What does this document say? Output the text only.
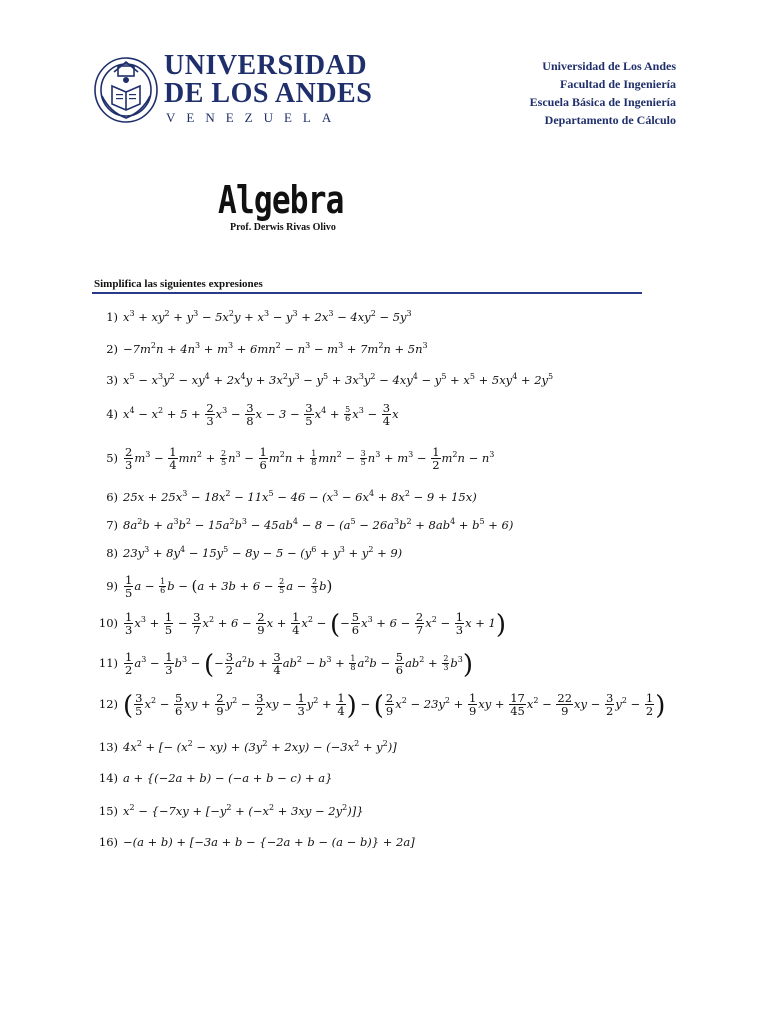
UNIVERSIDAD
DE LOS ANDES
VENEZUELA
Universidad de Los Andes
Facultad de Ingeniería
Escuela Básica de Ingeniería
Departamento de Cálculo
Algebra
Prof. Derwis Rivas Olivo
Simplifica las siguientes expresiones
1) $x^3 + xy^2 + y^3 - 5x^2y + x^3 - y^3 + 2x^3 - 4xy^2 - 5y^3$
$2) -7m^2n + 4n^3 + m^3 + 6mn^2 - n^3 - m^3 + 7m^2n + 5n^3$
3) $x^5 - x^3y^2 - xy^4 + 2x^4y + 3x^2y^3 - y^5 + 3x^3y^2 - 4xy^4 - y^5 + x^5 + 5xy^4 + 2y^5$
4) $x^4 - x^2 + 5 + \frac{2}{3} x^3 - \frac{3}{8}$ $x - 3 - \frac{3}{5} x^4 + \frac{5}{6} x^3 - \frac{3}{4}$ x
$5) \frac{2}{3} m^3 - \frac{1}{4} mn^2 + \frac{2}{5} n^3 - \frac{1}{6} m^2n + \frac{1}{8} mn^2 - \frac{3}{5} n^3 + m^3 - \frac{1}{2} m^2n - n^3$
6) $25x + 25x^3 - 18x^2 - 11x^5 - 46 - (x^3 - 6x^4 + 8x^2 - 9 + 15x)$
7) $8a^2b + a^3b^2 - 15a^2b^3 - 45ab^4 - 8 - (a^5 - 26a^3b^2 + 8ab^4 + b^5 + 6)$
8) $23y^3 + 8y^4 - 15y^5 - 8y - 5 - (y^6 + y^3 + y^2 + 9)$
$9) \frac{1}{5}$ $a - \frac{1}{6}$ $b - (a + 3b + 6 - \frac{2}{5}$ $a - \frac{2}{3} b$)
$10) \frac{1}{3} x^3 + \frac{1}{5} - \frac{3}{7} x^2 + 6 - \frac{2}{9}$ $x + \frac{1}{4} x^2$ − (− $\frac{5}{6} x^3 + 6 - \frac{2}{7} x^2 - \frac{1}{3}$ x + 1)
$11) \frac{1}{2} a^3 - \frac{1}{3} b^3$ − (− $\frac{3}{2} a^2b + \frac{3}{4} ab^2 - b^3 + \frac{1}{8} a^2b - \frac{5}{6} ab^2 + \frac{2}{3} b^3$)
12) ( $\frac{3}{5} x^2 - \frac{5}{6}$ xy + $\frac{2}{9} y^2 - \frac{3}{2}$ xy − $\frac{1}{3} y^2 + \frac{1}{4}$ ) − ( $\frac{2}{9} x^2 - 23y^2 + \frac{1}{9}$ xy + $\frac{17}{45} x^2 - \frac{22}{9}$ xy − $\frac{3}{2} y^2 - \frac{1}{2}$ )
13) $4x^2$ + [− $(x^2 - xy) + (3y^2 + 2xy) - (-3x^2 + y^2)$]
14) a + {(−2a + b) − (−a + b − c) + a}
15) $x^2 - \{-7xy + [-y^2 + (-x^2 + 3xy - 2y^2)]\}$
16) −(a + b) + [−3a + b − {−2a + b − (a − b)} + 2a]
